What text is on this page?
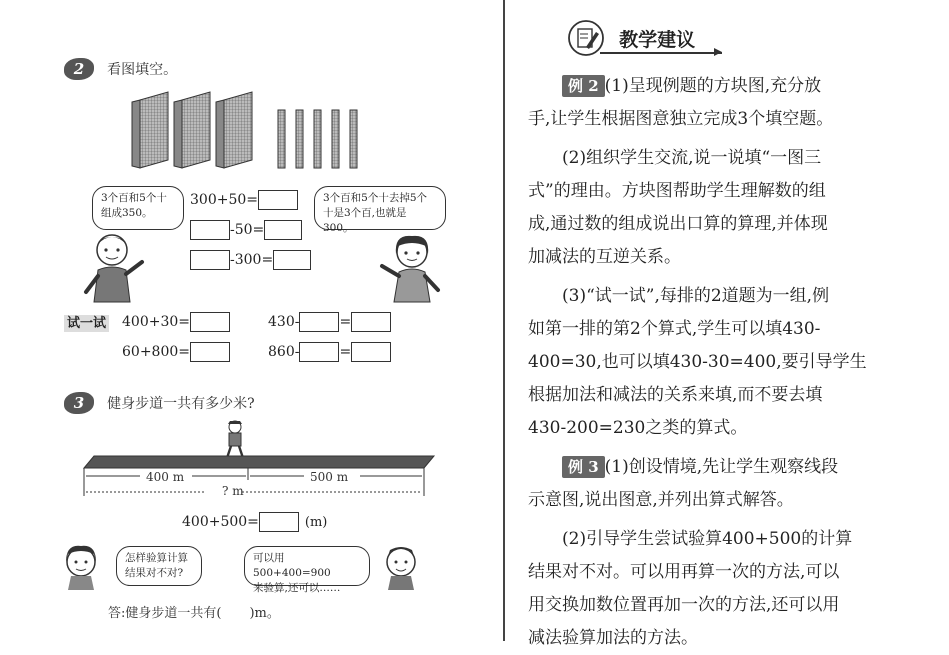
2 看图填空。
3个百和5个十
组成350。
3个百和5个十去掉5个
十是3个百,也就是300。
300+50=
-50=
-300=
试一试 400+30=	430-	=
60+800=	860-	=
3 健身步道一共有多少米?
400 m	500 m
? m
400+500=	(m)
怎样验算计算
结果对不对?
可以用500+400=900
来验算,还可以……
答:健身步道一共有( )m。
教学建议
例 2 (1)呈现例题的方块图,充分放
手,让学生根据图意独立完成3个填空题。
(2)组织学生交流,说一说填“一图三
式”的理由。方块图帮助学生理解数的组
成,通过数的组成说出口算的算理,并体现
加减法的互逆关系。
(3)“试一试”,每排的2道题为一组,例
如第一排的第2个算式,学生可以填430-
400=30,也可以填430-30=400,要引导学生
根据加法和减法的关系来填,而不要去填
430-200=230之类的算式。
例 3 (1)创设情境,先让学生观察线段
示意图,说出图意,并列出算式解答。
(2)引导学生尝试验算400+500的计算
结果对不对。可以用再算一次的方法,可以
用交换加数位置再加一次的方法,还可以用
减法验算加法的方法。
